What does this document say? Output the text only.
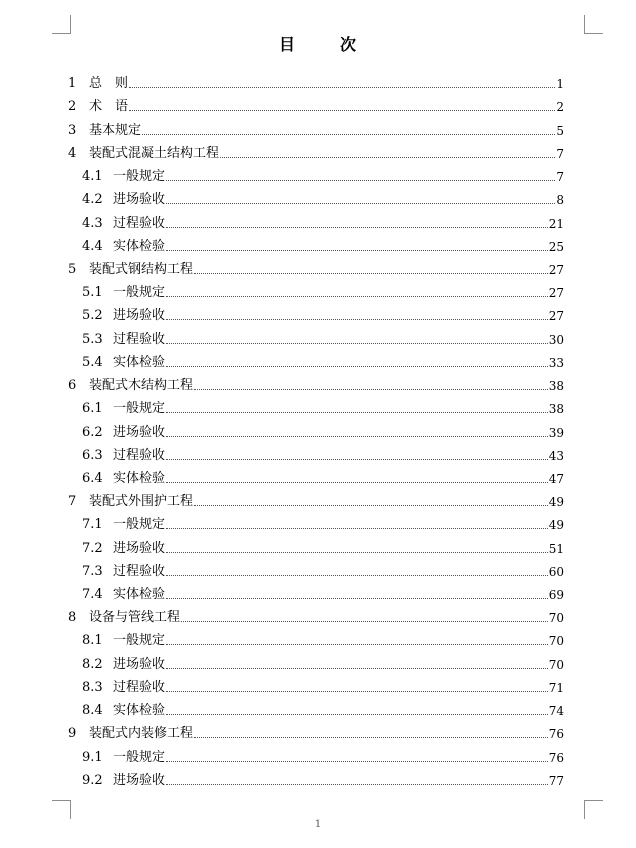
目	次
1 总　则	1
2 术　语	2
3 基本规定	5
4 装配式混凝土结构工程	7
4.1 一般规定	7
4.2 进场验收	8
4.3 过程验收	21
4.4 实体检验	25
5 装配式钢结构工程	27
5.1 一般规定	27
5.2 进场验收	27
5.3 过程验收	30
5.4 实体检验	33
6 装配式木结构工程	38
6.1 一般规定	38
6.2 进场验收	39
6.3 过程验收	43
6.4 实体检验	47
7 装配式外围护工程	49
7.1 一般规定	49
7.2 进场验收	51
7.3 过程验收	60
7.4 实体检验	69
8 设备与管线工程	70
8.1 一般规定	70
8.2 进场验收	70
8.3 过程验收	71
8.4 实体检验	74
9 装配式内装修工程	76
9.1 一般规定	76
9.2 进场验收	77
1
